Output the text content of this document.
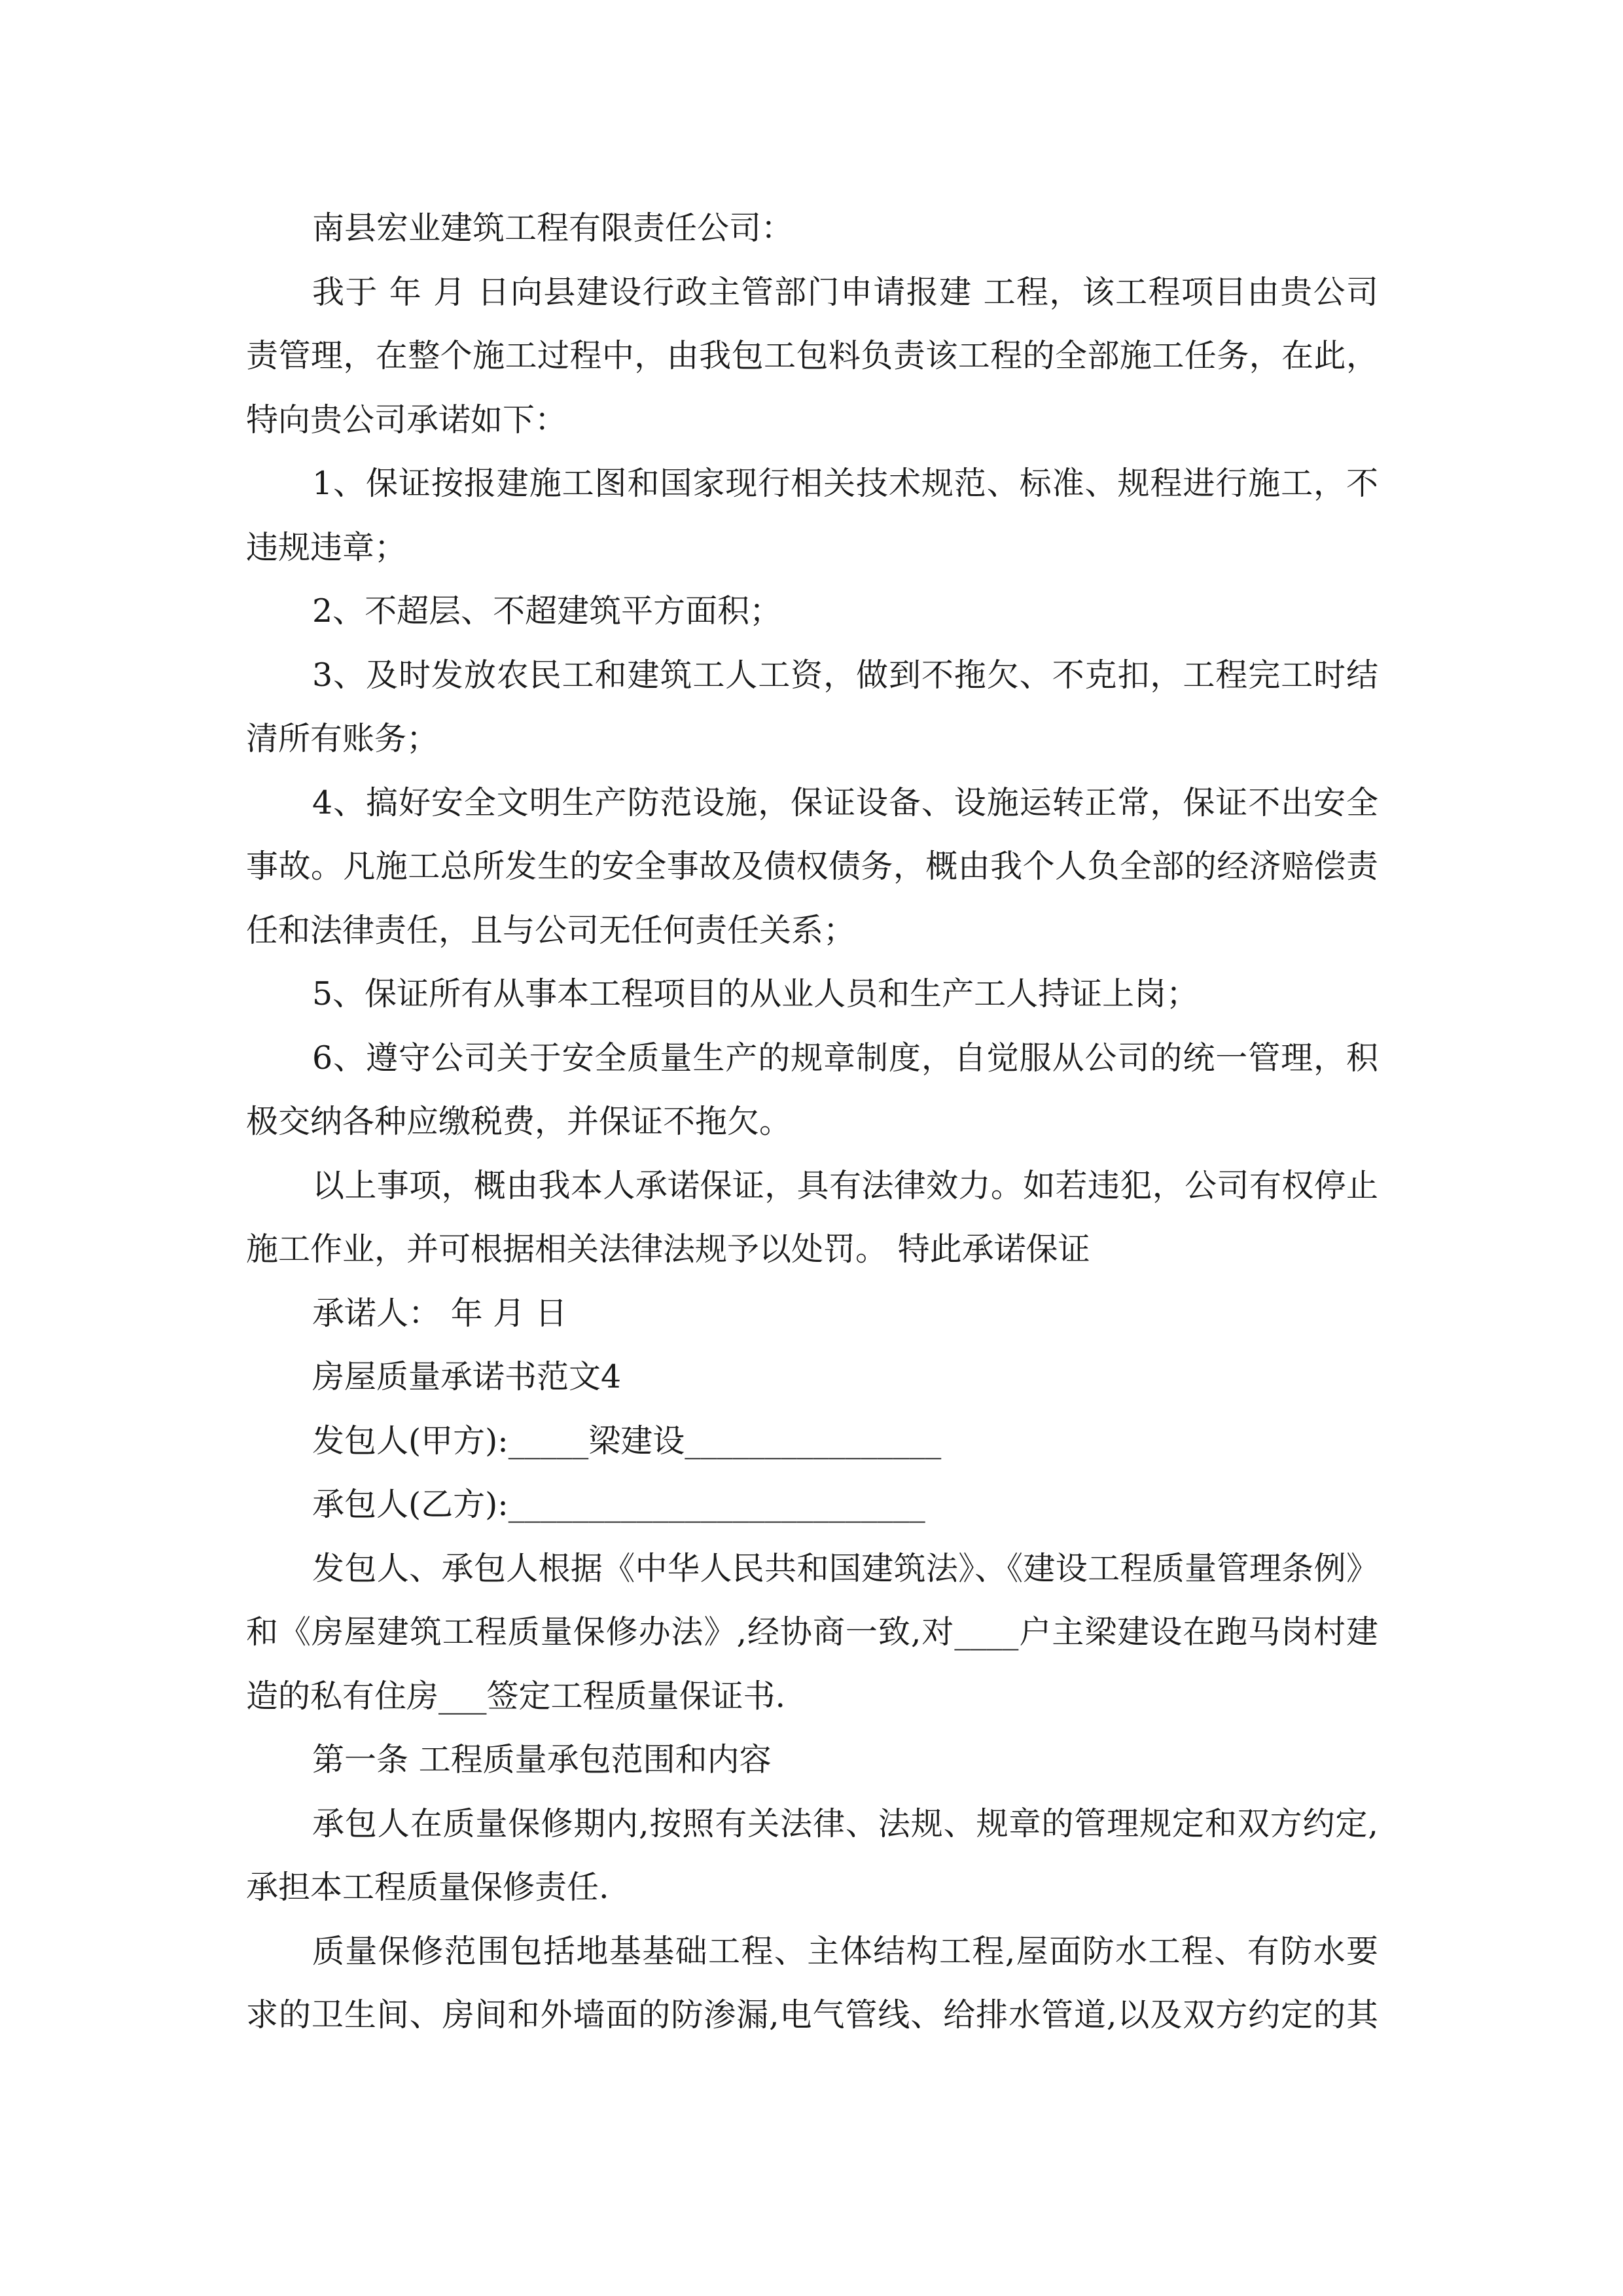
南县宏业建筑工程有限责任公司：
我于 年 月 日向县建设行政主管部门申请报建 工程，该工程项目由贵公司
责管理，在整个施工过程中，由我包工包料负责该工程的全部施工任务，在此，
特向贵公司承诺如下：
1、保证按报建施工图和国家现行相关技术规范、标准、规程进行施工，不
违规违章；
2、不超层、不超建筑平方面积；
3、及时发放农民工和建筑工人工资，做到不拖欠、不克扣，工程完工时结
清所有账务；
4、搞好安全文明生产防范设施，保证设备、设施运转正常，保证不出安全
事故。凡施工总所发生的安全事故及债权债务，概由我个人负全部的经济赔偿责
任和法律责任，且与公司无任何责任关系；
5、保证所有从事本工程项目的从业人员和生产工人持证上岗；
6、遵守公司关于安全质量生产的规章制度，自觉服从公司的统一管理，积
极交纳各种应缴税费，并保证不拖欠。
以上事项，概由我本人承诺保证，具有法律效力。如若违犯，公司有权停止
施工作业，并可根据相关法律法规予以处罚。 特此承诺保证
承诺人： 年 月 日
房屋质量承诺书范文4
发包人(甲方):_____梁建设________________
承包人(乙方):__________________________
发包人、承包人根据《中华人民共和国建筑法》、《建设工程质量管理条例》
和《房屋建筑工程质量保修办法》,经协商一致,对____户主梁建设在跑马岗村建
造的私有住房___签定工程质量保证书.
第一条 工程质量承包范围和内容
承包人在质量保修期内,按照有关法律、法规、规章的管理规定和双方约定,
承担本工程质量保修责任.
质量保修范围包括地基基础工程、主体结构工程,屋面防水工程、有防水要
求的卫生间、房间和外墙面的防渗漏,电气管线、给排水管道,以及双方约定的其
